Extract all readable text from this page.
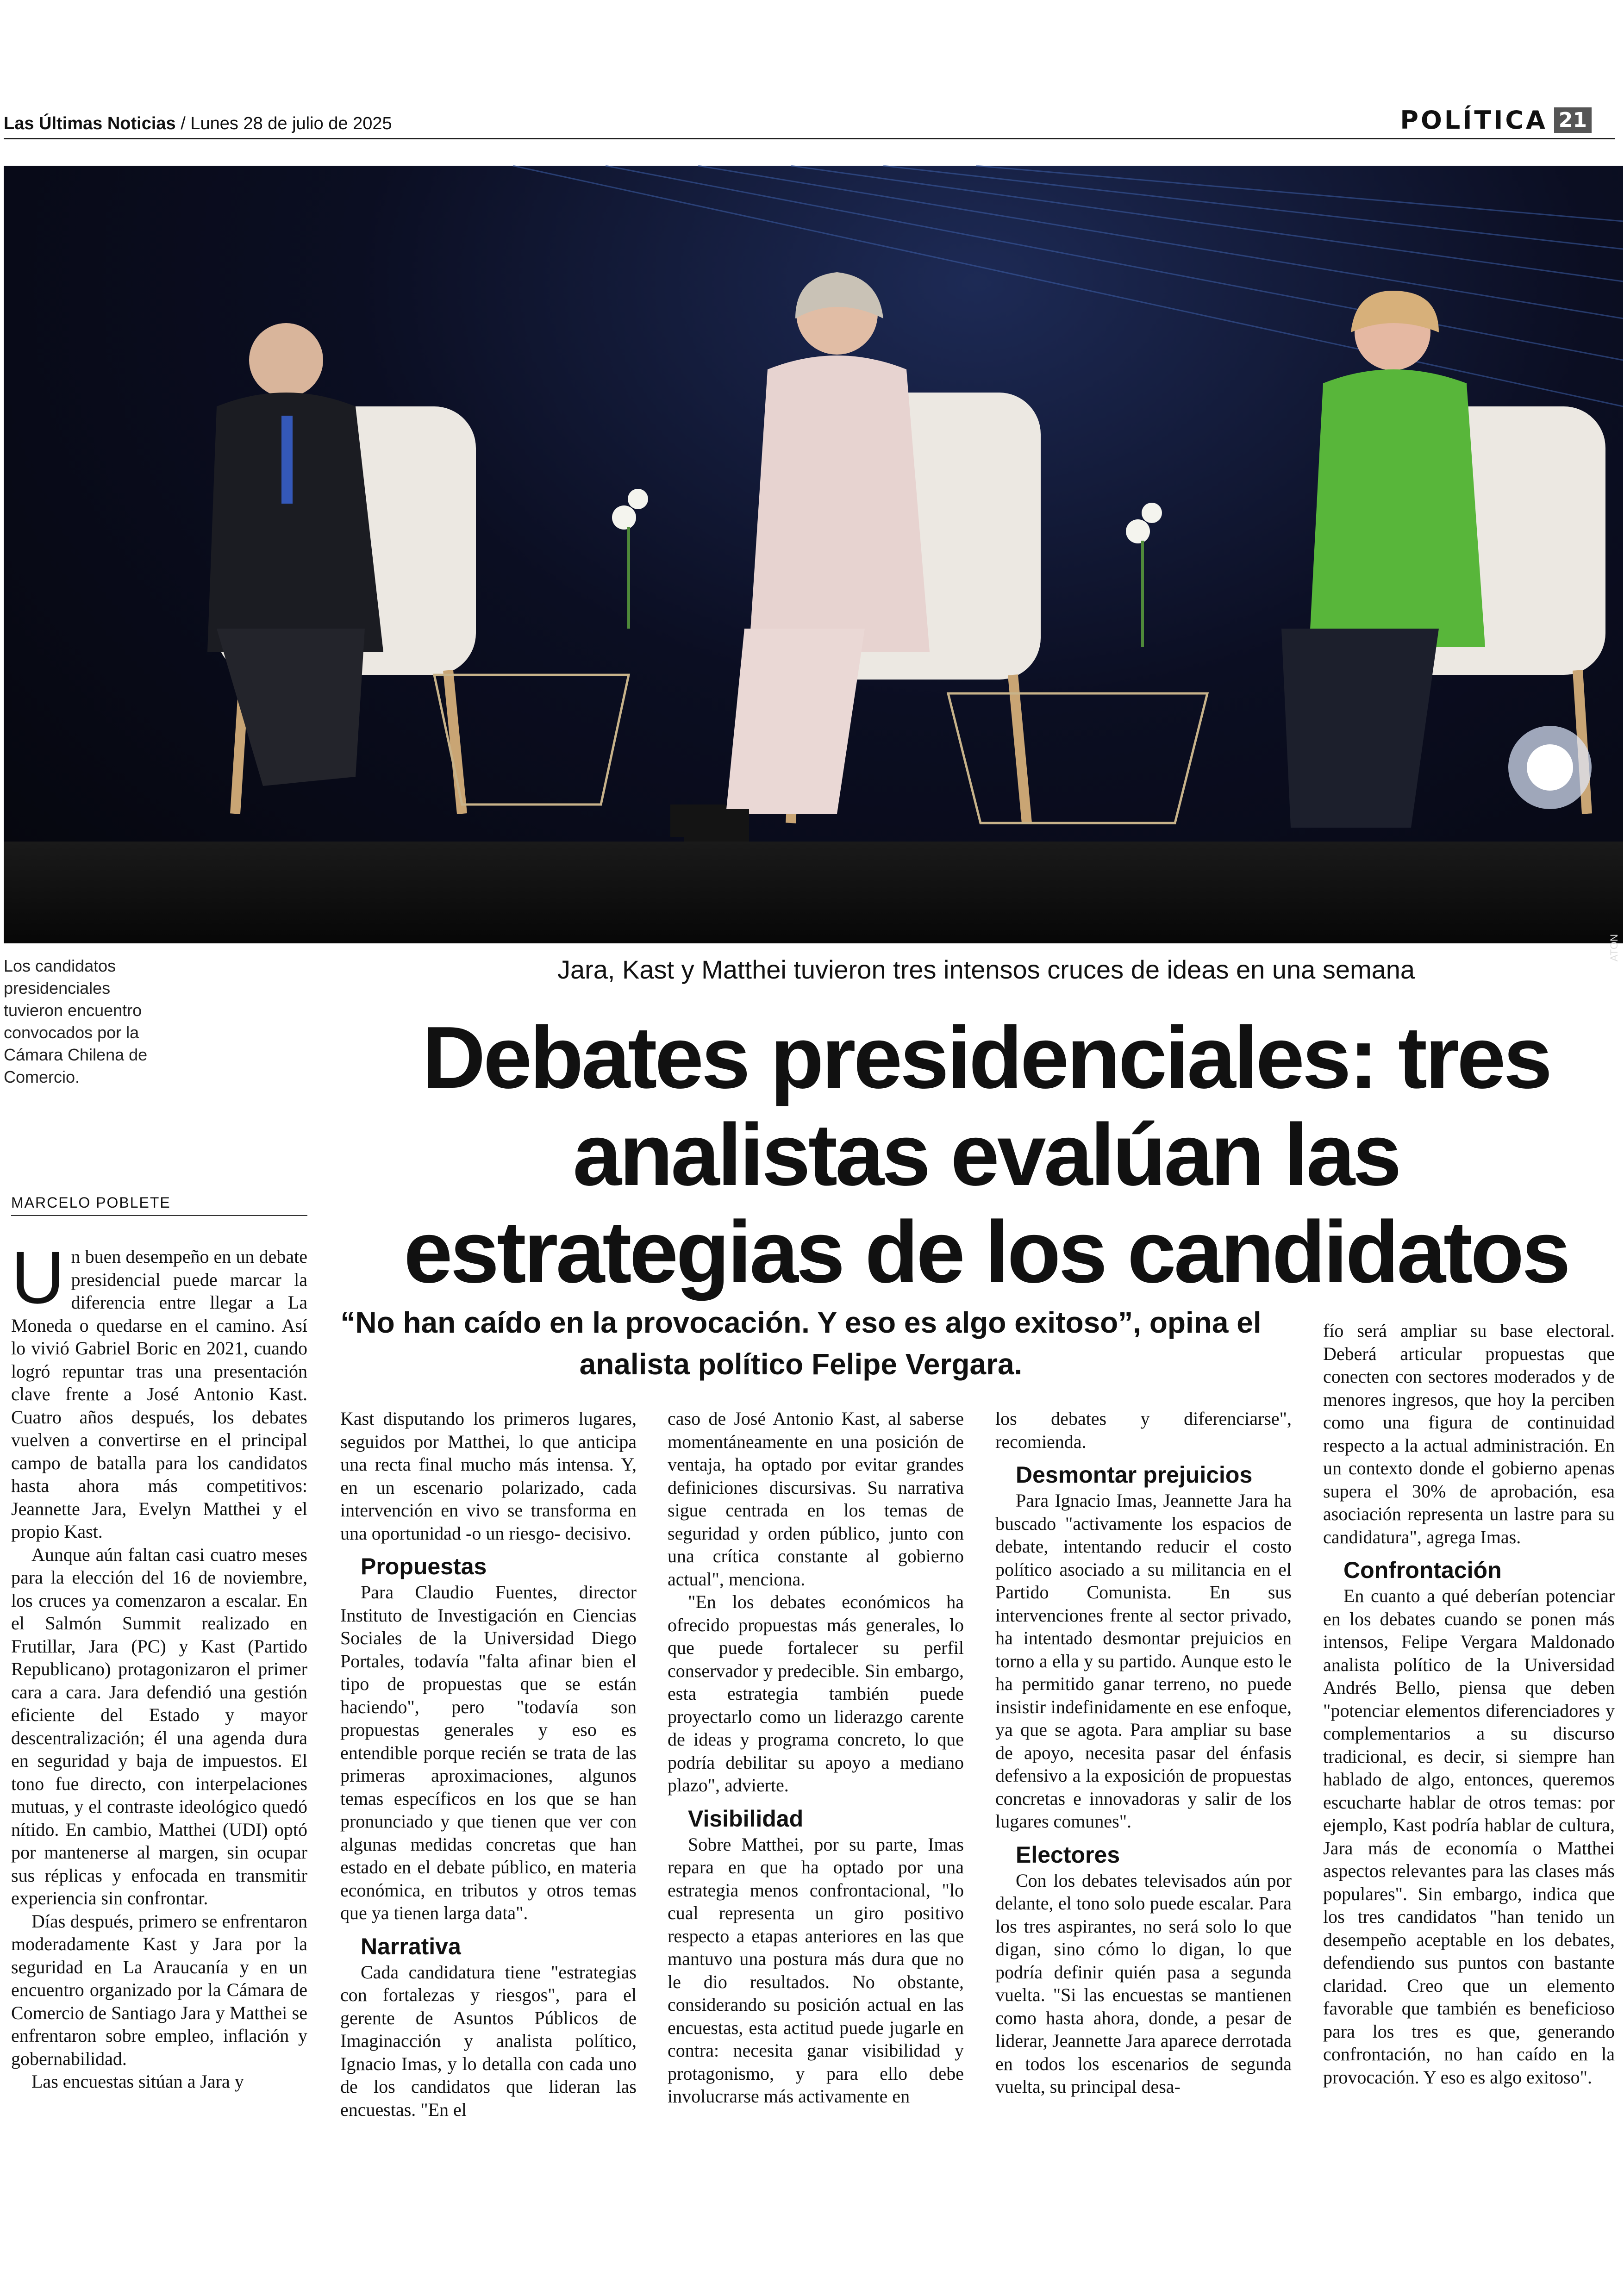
Las Últimas Noticias / Lunes 28 de julio de 2025	POLÍTICA 21
ATON
Los candidatos presidenciales tuvieron encuentro convocados por la Cámara Chilena de Comercio.
Jara, Kast y Matthei tuvieron tres intensos cruces de ideas en una semana
Debates presidenciales: tres analistas evalúan las estrategias de los candidatos
MARCELO POBLETE
“No han caído en la provocación. Y eso es algo exitoso”, opina el analista político Felipe Vergara.

Un buen desempeño en un debate presidencial puede marcar la diferencia entre llegar a La Moneda o quedarse en el camino. Así lo vivió Gabriel Boric en 2021, cuando logró repuntar tras una presentación clave frente a José Antonio Kast. Cuatro años después, los debates vuelven a convertirse en el principal campo de batalla para los candidatos hasta ahora más competitivos: Jeannette Jara, Evelyn Matthei y el propio Kast.

Aunque aún faltan casi cuatro meses para la elección del 16 de noviembre, los cruces ya comenzaron a escalar. En el Salmón Summit realizado en Frutillar, Jara (PC) y Kast (Partido Republicano) protagonizaron el primer cara a cara. Jara defendió una gestión eficiente del Estado y mayor descentralización; él una agenda dura en seguridad y baja de impuestos. El tono fue directo, con interpelaciones mutuas, y el contraste ideológico quedó nítido. En cambio, Matthei (UDI) optó por mantenerse al margen, sin ocupar sus réplicas y enfocada en transmitir experiencia sin confrontar.

Días después, primero se enfrentaron moderadamente Kast y Jara por la seguridad en La Araucanía y en un encuentro organizado por la Cámara de Comercio de Santiago Jara y Matthei se enfrentaron sobre empleo, inflación y gobernabilidad.

Las encuestas sitúan a Jara y

Kast disputando los primeros lugares, seguidos por Matthei, lo que anticipa una recta final mucho más intensa. Y, en un escenario polarizado, cada intervención en vivo se transforma en una oportunidad -o un riesgo- decisivo.

Propuestas

Para Claudio Fuentes, director Instituto de Investigación en Ciencias Sociales de la Universidad Diego Portales, todavía "falta afinar bien el tipo de propuestas que se están haciendo", pero "todavía son propuestas generales y eso es entendible porque recién se trata de las primeras aproximaciones, algunos temas específicos en los que se han pronunciado y que tienen que ver con algunas medidas concretas que han estado en el debate público, en materia económica, en tributos y otros temas que ya tienen larga data".

Narrativa

Cada candidatura tiene "estrategias con fortalezas y riesgos", para el gerente de Asuntos Públicos de Imaginacción y analista político, Ignacio Imas, y lo detalla con cada uno de los candidatos que lideran las encuestas. "En el

caso de José Antonio Kast, al saberse momentáneamente en una posición de ventaja, ha optado por evitar grandes definiciones discursivas. Su narrativa sigue centrada en los temas de seguridad y orden público, junto con una crítica constante al gobierno actual", menciona.

"En los debates económicos ha ofrecido propuestas más generales, lo que puede fortalecer su perfil conservador y predecible. Sin embargo, esta estrategia también puede proyectarlo como un liderazgo carente de ideas y programa concreto, lo que podría debilitar su apoyo a mediano plazo", advierte.

Visibilidad

Sobre Matthei, por su parte, Imas repara en que ha optado por una estrategia menos confrontacional, "lo cual representa un giro positivo respecto a etapas anteriores en las que mantuvo una postura más dura que no le dio resultados. No obstante, considerando su posición actual en las encuestas, esta actitud puede jugarle en contra: necesita ganar visibilidad y protagonismo, y para ello debe involucrarse más activamente en

los debates y diferenciarse", recomienda.

Desmontar prejuicios

Para Ignacio Imas, Jeannette Jara ha buscado "activamente los espacios de debate, intentando reducir el costo político asociado a su militancia en el Partido Comunista. En sus intervenciones frente al sector privado, ha intentado desmontar prejuicios en torno a ella y su partido. Aunque esto le ha permitido ganar terreno, no puede insistir indefinidamente en ese enfoque, ya que se agota. Para ampliar su base de apoyo, necesita pasar del énfasis defensivo a la exposición de propuestas concretas e innovadoras y salir de los lugares comunes".

Electores

Con los debates televisados aún por delante, el tono solo puede escalar. Para los tres aspirantes, no será solo lo que digan, sino cómo lo digan, lo que podría definir quién pasa a segunda vuelta. "Si las encuestas se mantienen como hasta ahora, donde, a pesar de liderar, Jeannette Jara aparece derrotada en todos los escenarios de segunda vuelta, su principal desa-

fío será ampliar su base electoral. Deberá articular propuestas que conecten con sectores moderados y de menores ingresos, que hoy la perciben como una figura de continuidad respecto a la actual administración. En un contexto donde el gobierno apenas supera el 30% de aprobación, esa asociación representa un lastre para su candidatura", agrega Imas.

Confrontación

En cuanto a qué deberían potenciar en los debates cuando se ponen más intensos, Felipe Vergara Maldonado analista político de la Universidad Andrés Bello, piensa que deben "potenciar elementos diferenciadores y complementarios a su discurso tradicional, es decir, si siempre han hablado de algo, entonces, queremos escucharte hablar de otros temas: por ejemplo, Kast podría hablar de cultura, Jara más de economía o Matthei aspectos relevantes para las clases más populares". Sin embargo, indica que los tres candidatos "han tenido un desempeño aceptable en los debates, defendiendo sus puntos con bastante claridad. Creo que un elemento favorable que también es beneficioso para los tres es que, generando confrontación, no han caído en la provocación. Y eso es algo exitoso".
